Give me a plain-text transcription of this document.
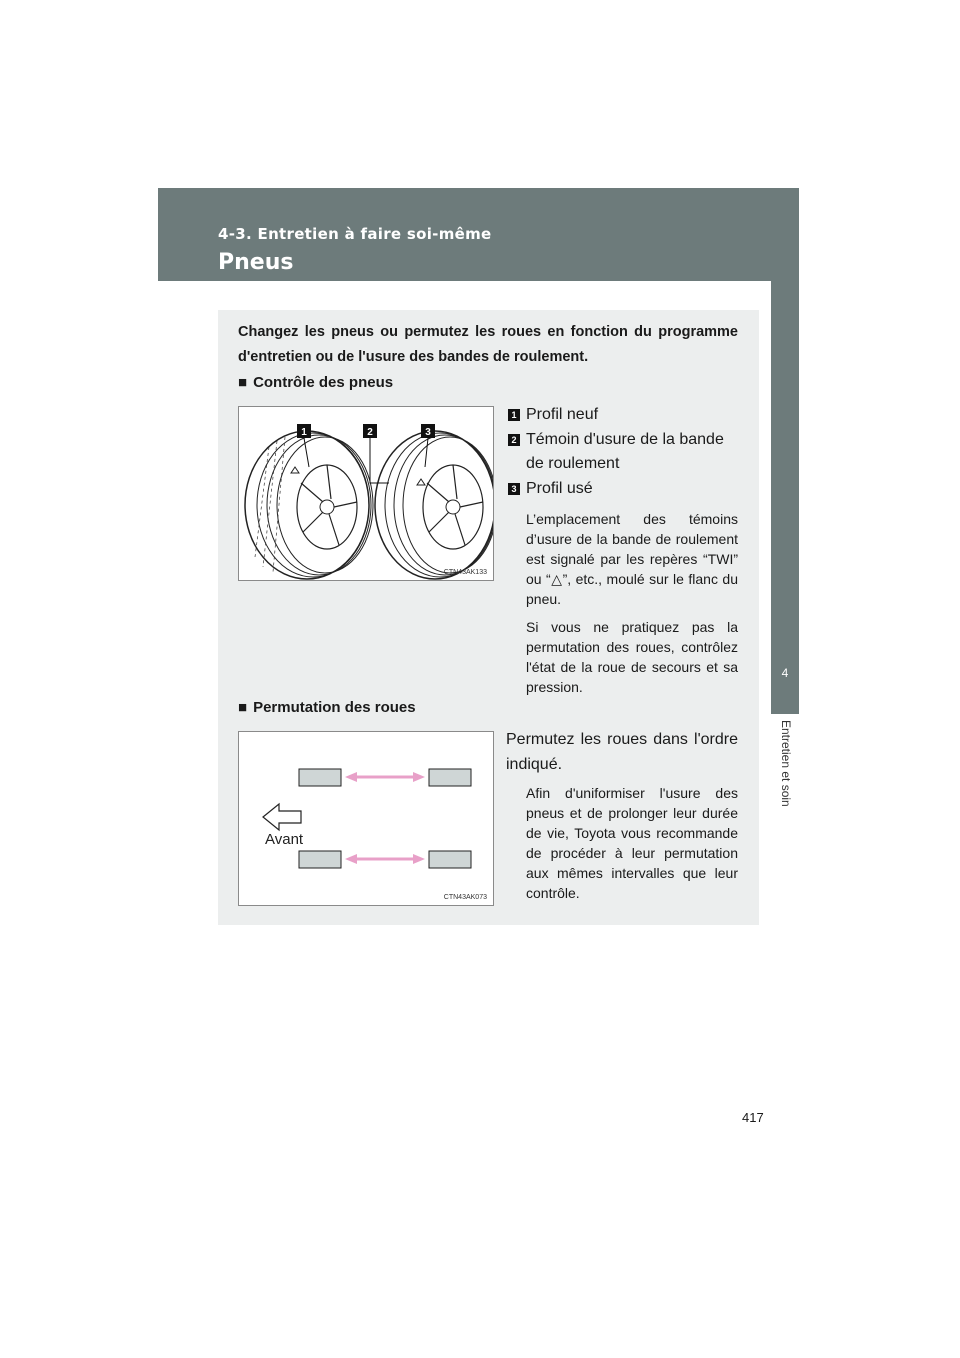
4-3. Entretien à faire soi-même
Pneus
4
Entretien et soin
Changez les pneus ou permutez les roues en fonction du programme d'entretien ou de l'usure des bandes de roulement.
■ Contrôle des pneus
1	2	3
CTN43AK133
1 Profil neuf
2 Témoin d'usure de la bande de roulement
3 Profil usé
L’emplacement des témoins d’usure de la bande de roulement est signalé par les repères “TWI” ou “△”, etc., moulé sur le flanc du pneu.
Si vous ne pratiquez pas la permutation des roues, contrôlez l'état de la roue de secours et sa pression.
■ Permutation des roues
Avant
CTN43AK073
Permutez les roues dans l'ordre indiqué.
Afin d'uniformiser l'usure des pneus et de prolonger leur durée de vie, Toyota vous recommande de procéder à leur permutation aux mêmes intervalles que leur contrôle.
417
